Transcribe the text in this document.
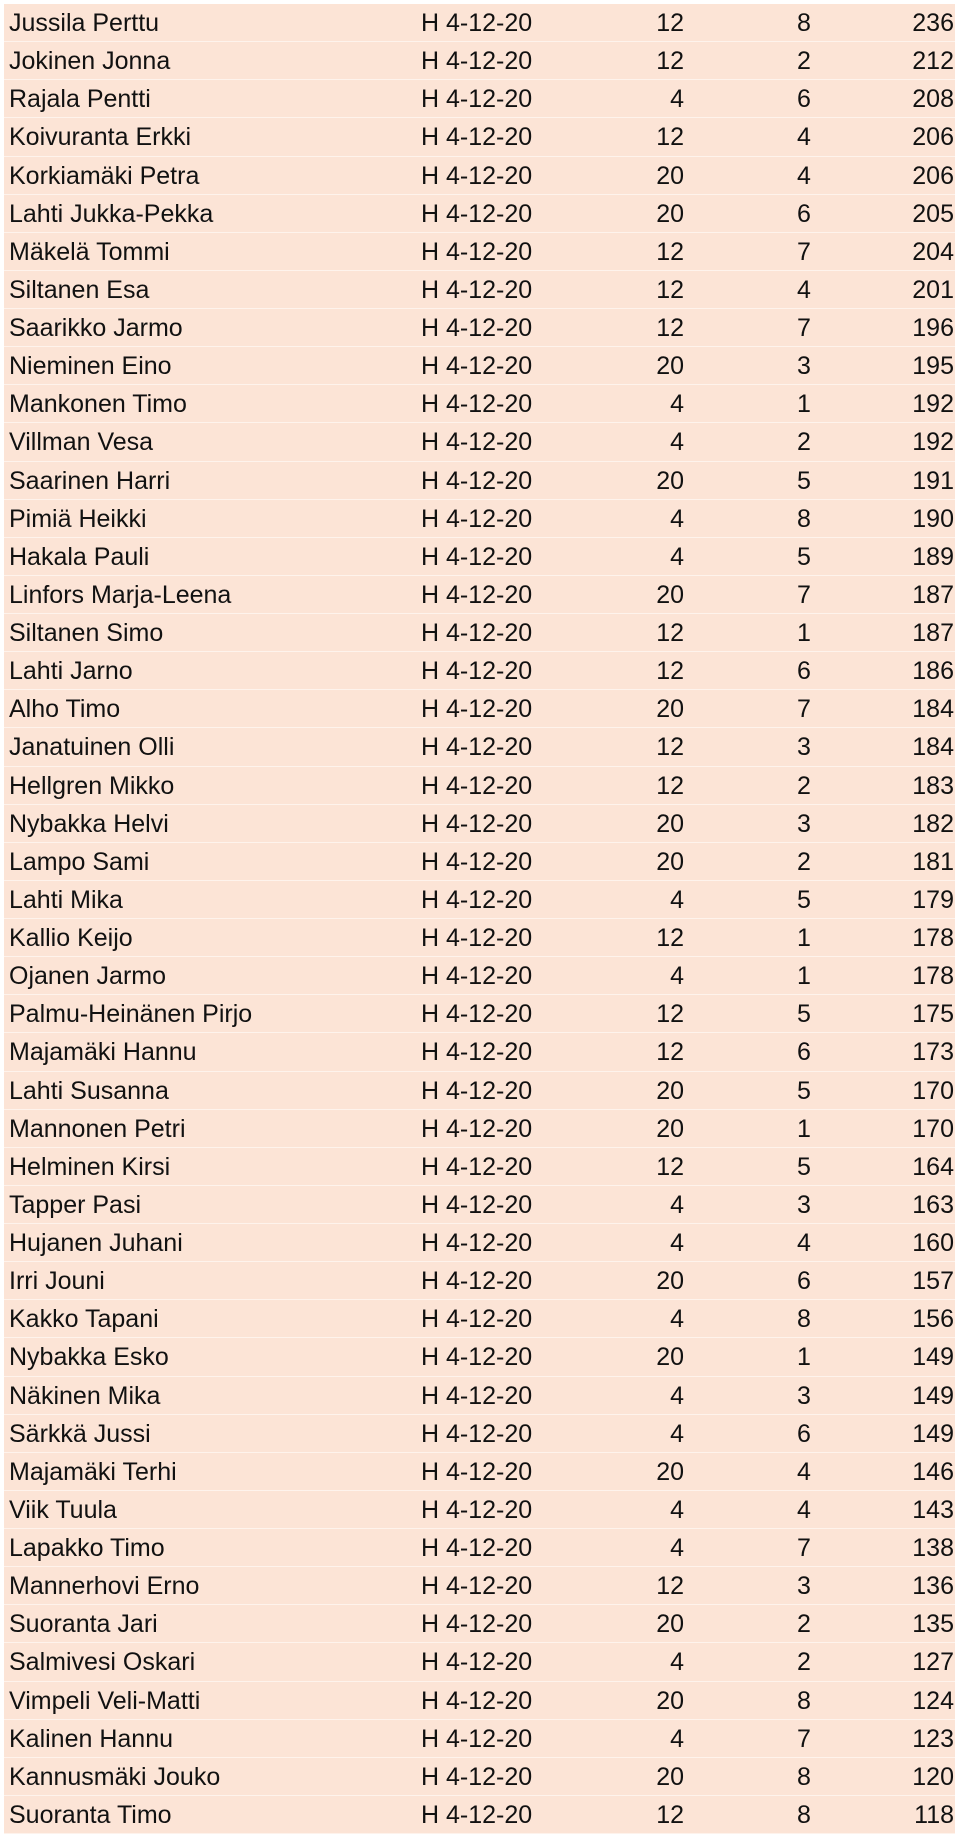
Jussila Perttu	H 4-12-20	12	8	236
Jokinen Jonna	H 4-12-20	12	2	212
Rajala Pentti	H 4-12-20	4	6	208
Koivuranta Erkki	H 4-12-20	12	4	206
Korkiamäki Petra	H 4-12-20	20	4	206
Lahti Jukka-Pekka	H 4-12-20	20	6	205
Mäkelä Tommi	H 4-12-20	12	7	204
Siltanen Esa	H 4-12-20	12	4	201
Saarikko Jarmo	H 4-12-20	12	7	196
Nieminen Eino	H 4-12-20	20	3	195
Mankonen Timo	H 4-12-20	4	1	192
Villman Vesa	H 4-12-20	4	2	192
Saarinen Harri	H 4-12-20	20	5	191
Pimiä Heikki	H 4-12-20	4	8	190
Hakala Pauli	H 4-12-20	4	5	189
Linfors Marja-Leena	H 4-12-20	20	7	187
Siltanen Simo	H 4-12-20	12	1	187
Lahti Jarno	H 4-12-20	12	6	186
Alho Timo	H 4-12-20	20	7	184
Janatuinen Olli	H 4-12-20	12	3	184
Hellgren Mikko	H 4-12-20	12	2	183
Nybakka Helvi	H 4-12-20	20	3	182
Lampo Sami	H 4-12-20	20	2	181
Lahti Mika	H 4-12-20	4	5	179
Kallio Keijo	H 4-12-20	12	1	178
Ojanen Jarmo	H 4-12-20	4	1	178
Palmu-Heinänen Pirjo	H 4-12-20	12	5	175
Majamäki Hannu	H 4-12-20	12	6	173
Lahti Susanna	H 4-12-20	20	5	170
Mannonen Petri	H 4-12-20	20	1	170
Helminen Kirsi	H 4-12-20	12	5	164
Tapper Pasi	H 4-12-20	4	3	163
Hujanen Juhani	H 4-12-20	4	4	160
Irri Jouni	H 4-12-20	20	6	157
Kakko Tapani	H 4-12-20	4	8	156
Nybakka Esko	H 4-12-20	20	1	149
Näkinen Mika	H 4-12-20	4	3	149
Särkkä Jussi	H 4-12-20	4	6	149
Majamäki Terhi	H 4-12-20	20	4	146
Viik Tuula	H 4-12-20	4	4	143
Lapakko Timo	H 4-12-20	4	7	138
Mannerhovi Erno	H 4-12-20	12	3	136
Suoranta Jari	H 4-12-20	20	2	135
Salmivesi Oskari	H 4-12-20	4	2	127
Vimpeli Veli-Matti	H 4-12-20	20	8	124
Kalinen Hannu	H 4-12-20	4	7	123
Kannusmäki Jouko	H 4-12-20	20	8	120
Suoranta Timo	H 4-12-20	12	8	118
